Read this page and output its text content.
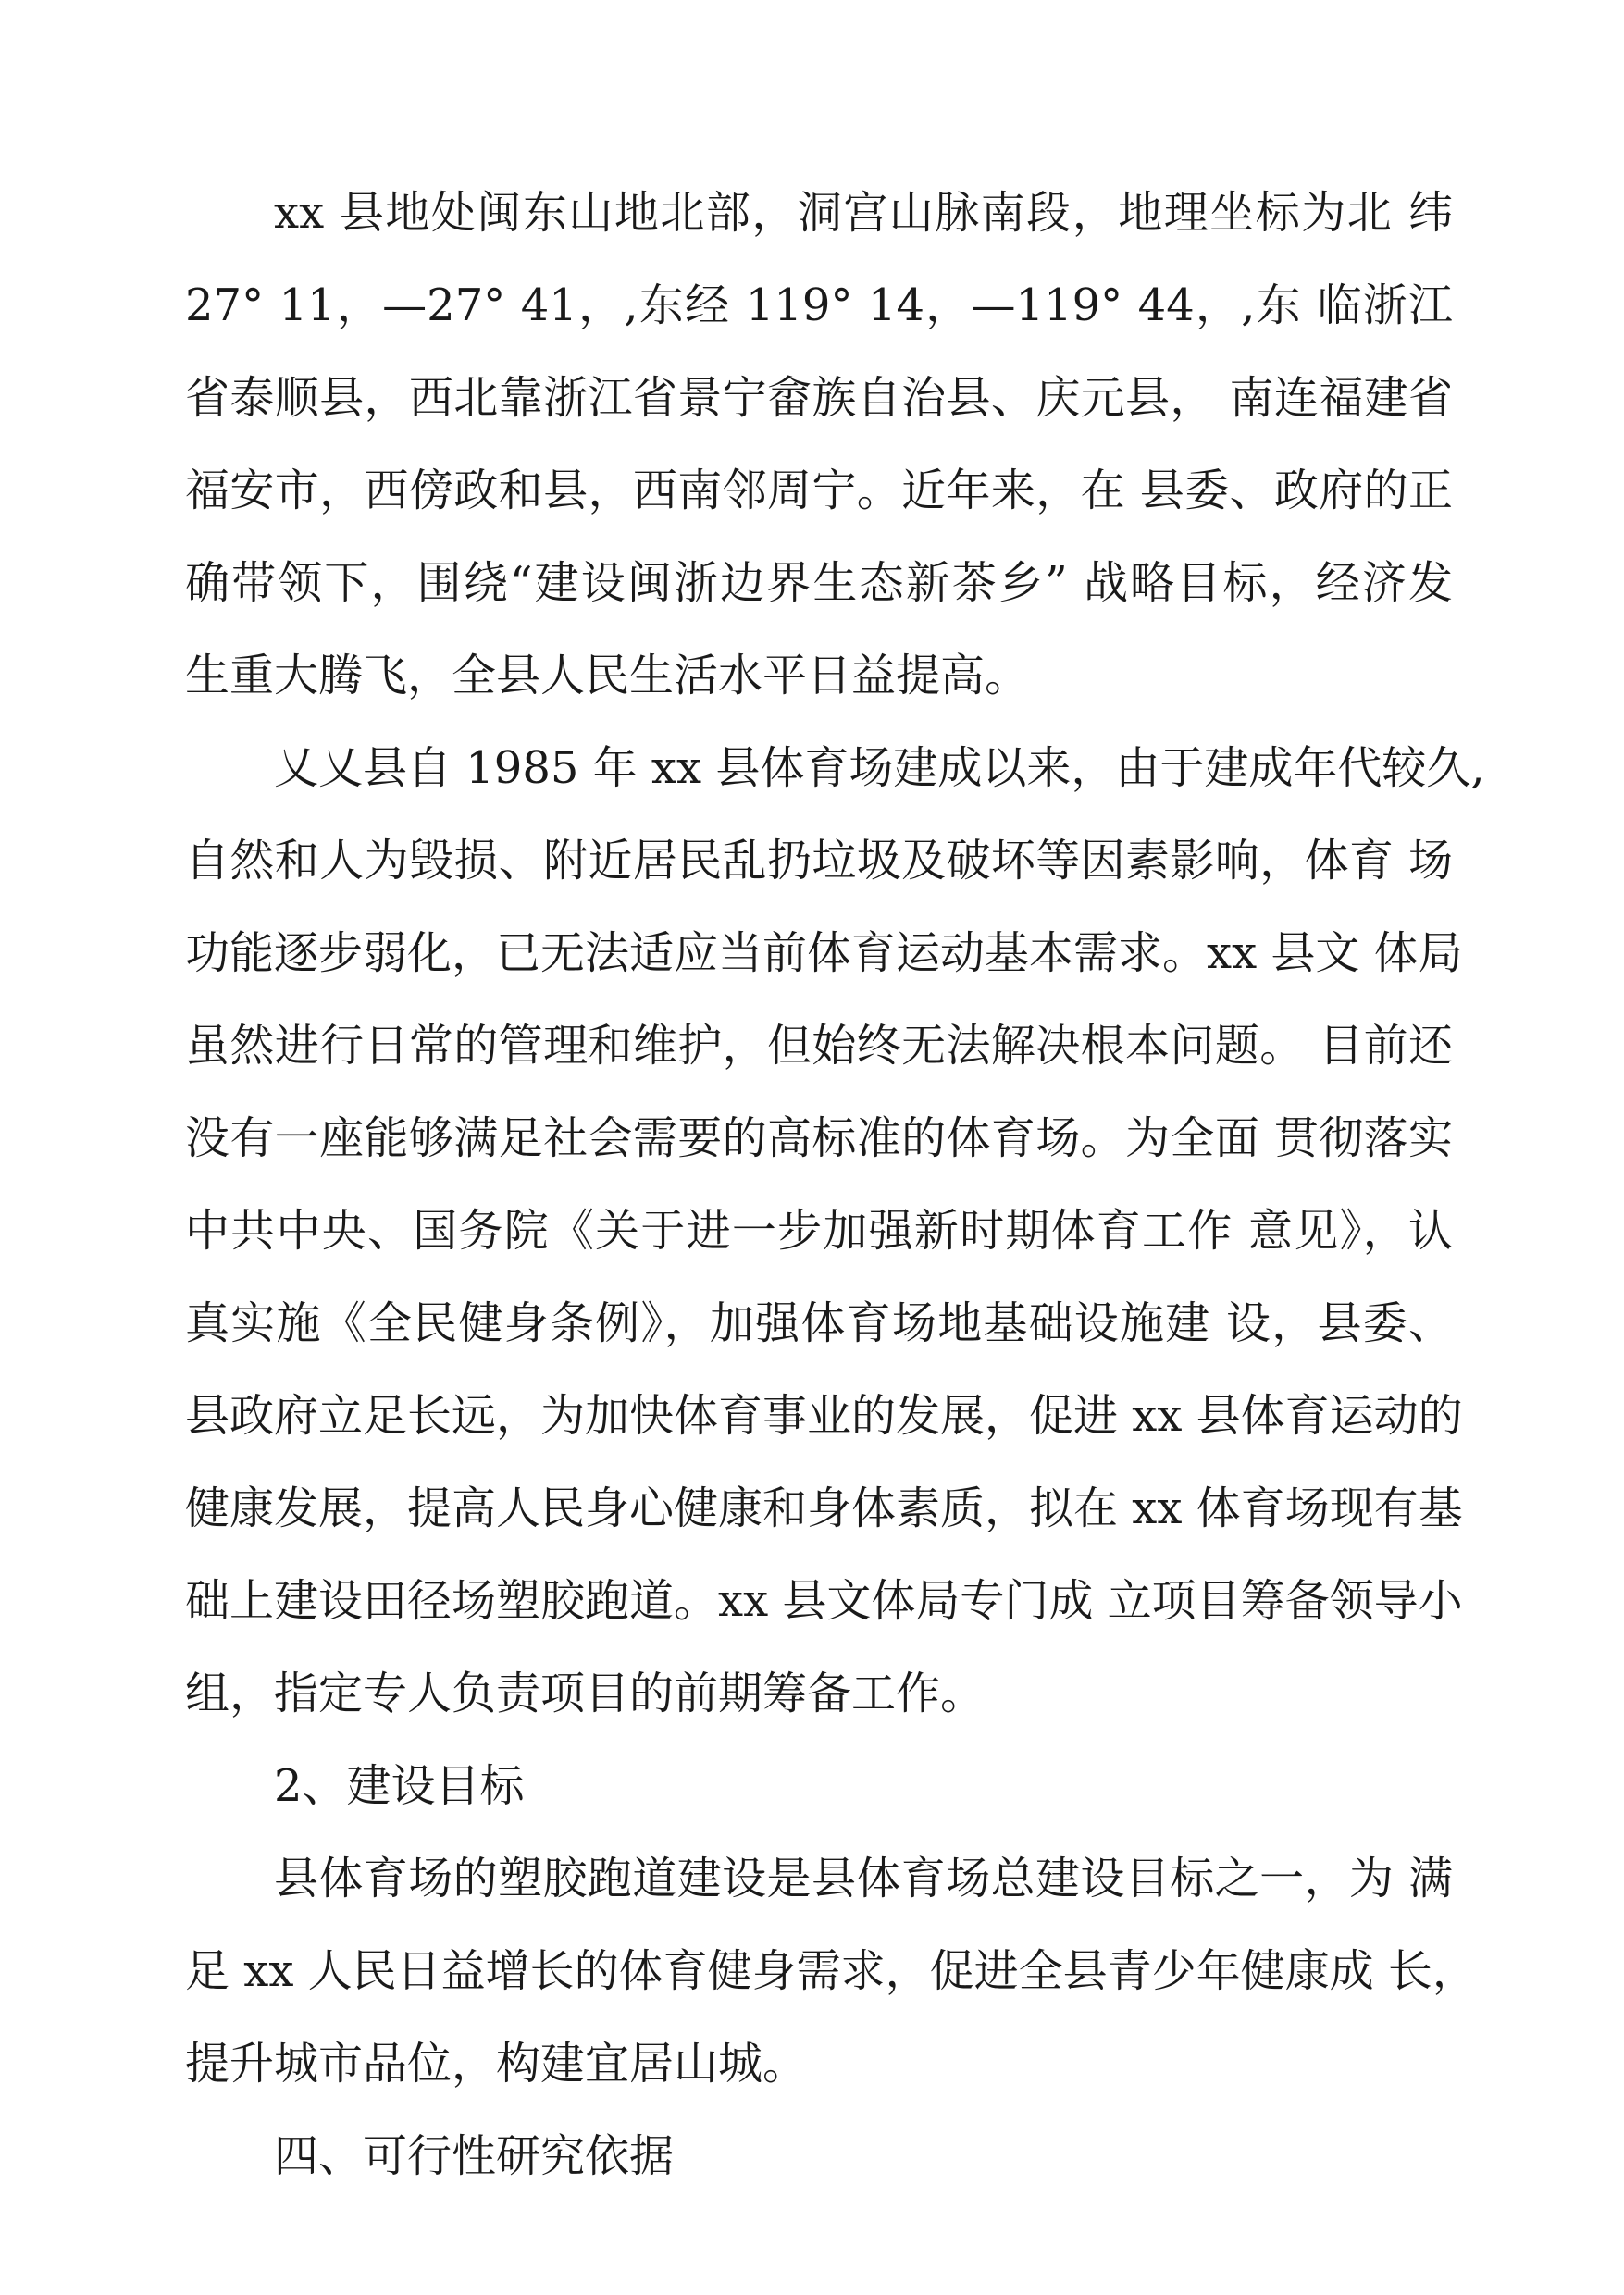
xx 县地处闽东山地北部，洞宫山脉南段，地理坐标为北 纬
27° 11，—27° 41，,东经 119° 14，—119° 44，,东 临浙江
省泰顺县，西北靠浙江省景宁畲族自治县、庆元县， 南连福建省
福安市，西傍政和县，西南邻周宁。近年来，在 县委、政府的正
确带领下，围绕“建设闽浙边界生态新茶乡” 战略目标，经济发
生重大腾飞，全县人民生活水平日益提高。
乂乂县自 1985 年 xx 县体育场建成以来，由于建成年代较久,
自然和人为毁损、附近居民乱扔垃圾及破坏等因素影响，体育 场
功能逐步弱化，已无法适应当前体育运动基本需求。xx 县文 体局
虽然进行日常的管理和维护，但始终无法解决根本问题。 目前还
没有一座能够满足社会需要的高标准的体育场。为全面 贯彻落实
中共中央、国务院《关于进一步加强新时期体育工作 意见》，认
真实施《全民健身条例》，加强体育场地基础设施建 设，县委、
县政府立足长远，为加快体育事业的发展，促进 xx 县体育运动的
健康发展，提高人民身心健康和身体素质，拟在 xx 体育场现有基
础上建设田径场塑胶跑道。xx 县文体局专门成 立项目筹备领导小
组，指定专人负责项目的前期筹备工作。
2、建设目标
县体育场的塑胶跑道建设是县体育场总建设目标之一，为 满
足 xx 人民日益增长的体育健身需求，促进全县青少年健康成 长，
提升城市品位，构建宜居山城。
四、可行性研究依据
